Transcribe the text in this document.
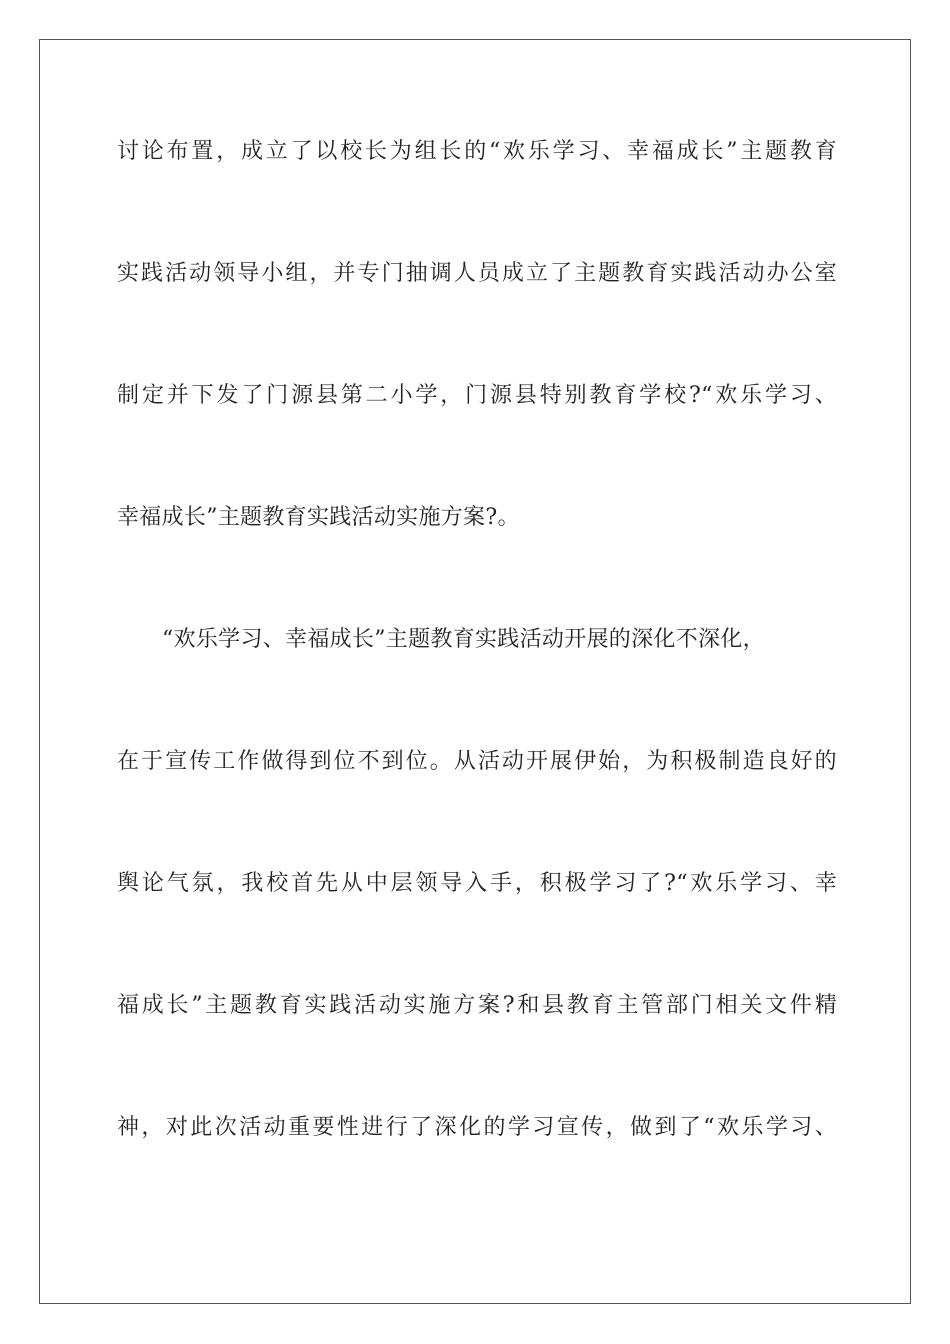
讨论布置，成立了以校长为组长的“欢乐学习、幸福成长”主题教育
实践活动领导小组，并专门抽调人员成立了主题教育实践活动办公室
制定并下发了门源县第二小学，门源县特别教育学校?“欢乐学习、
幸福成长”主题教育实践活动实施方案?。
“欢乐学习、幸福成长”主题教育实践活动开展的深化不深化，
在于宣传工作做得到位不到位。从活动开展伊始，为积极制造良好的
舆论气氛，我校首先从中层领导入手，积极学习了?“欢乐学习、幸
福成长”主题教育实践活动实施方案?和县教育主管部门相关文件精
神，对此次活动重要性进行了深化的学习宣传，做到了“欢乐学习、
